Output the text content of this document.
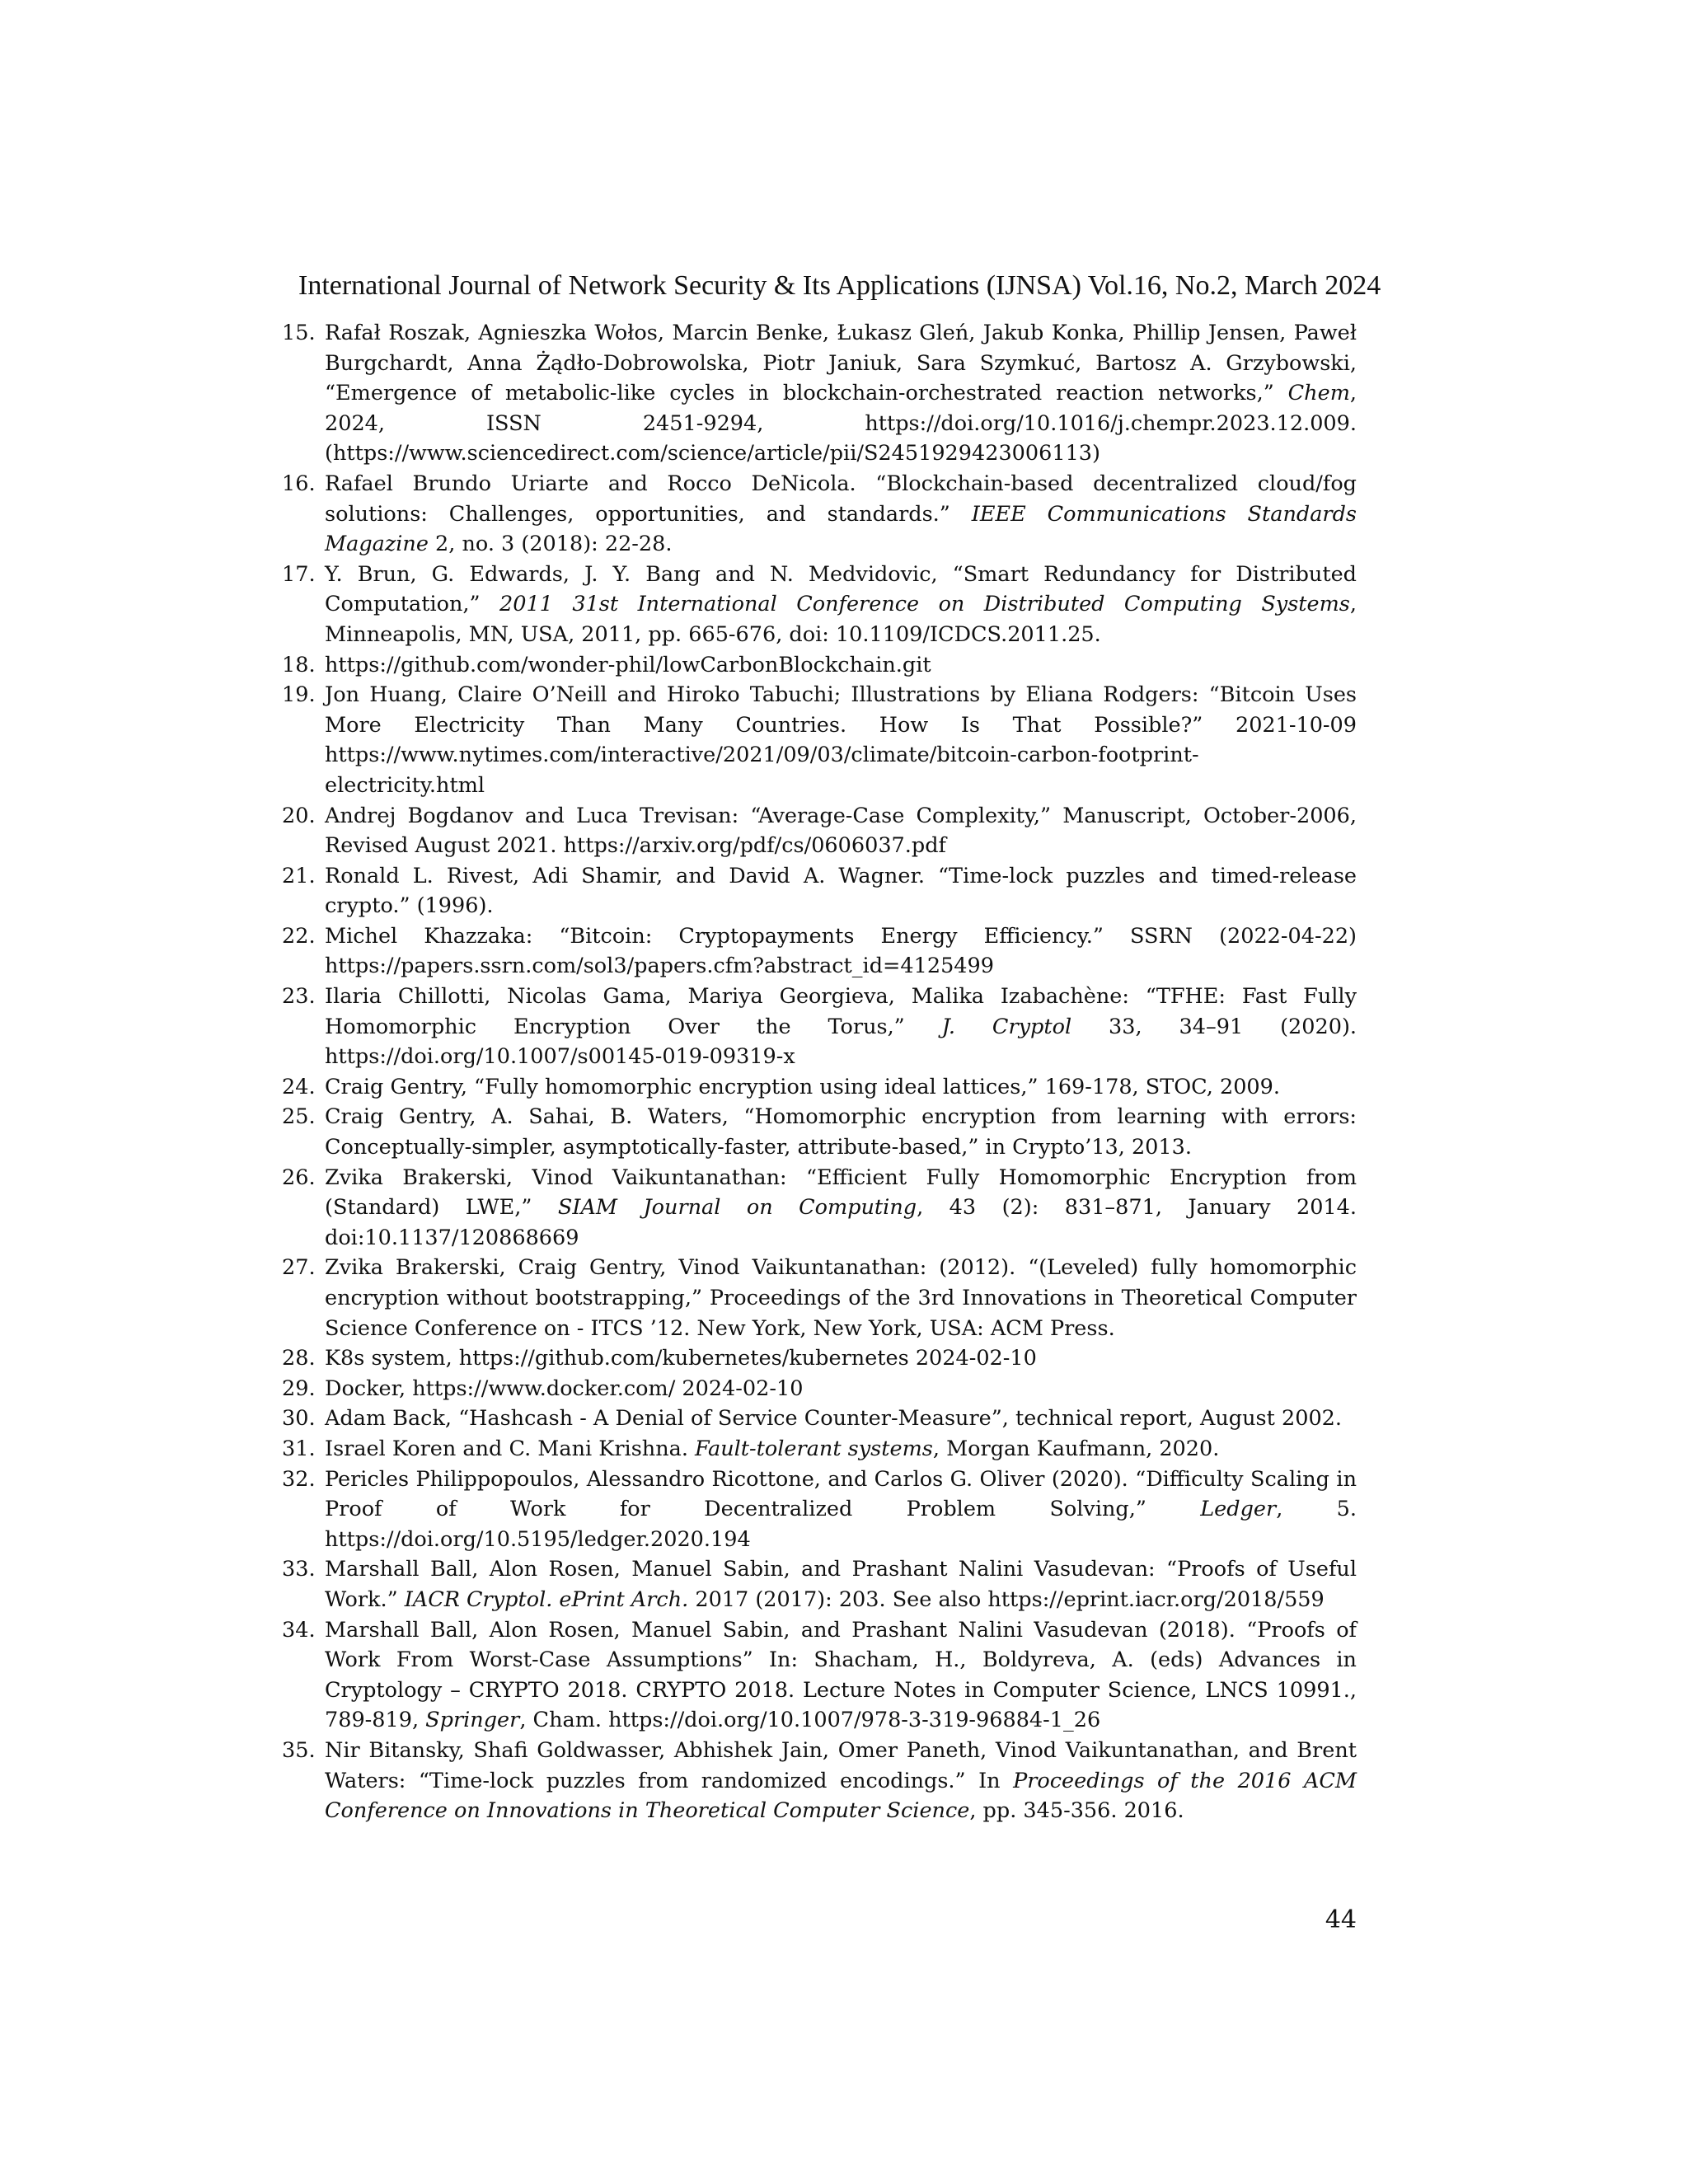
International Journal of Network Security & Its Applications (IJNSA) Vol.16, No.2, March 2024
15. Rafał Roszak, Agnieszka Wołos, Marcin Benke, Łukasz Gleń, Jakub Konka, Phillip Jensen, Paweł Burgchardt, Anna Żądło-Dobrowolska, Piotr Janiuk, Sara Szymkuć, Bartosz A. Grzybowski, “Emergence of metabolic-like cycles in blockchain-orchestrated reaction networks,” Chem, 2024, ISSN 2451-9294, https://doi.org/10.1016/j.chempr.2023.12.009. (https://www.sciencedirect.com/science/article/pii/S2451929423006113)
16. Rafael Brundo Uriarte and Rocco DeNicola. “Blockchain-based decentralized cloud/fog solutions: Challenges, opportunities, and standards.” IEEE Communications Standards Magazine 2, no. 3 (2018): 22-28.
17. Y. Brun, G. Edwards, J. Y. Bang and N. Medvidovic, “Smart Redundancy for Distributed Computation,” 2011 31st International Conference on Distributed Computing Systems, Minneapolis, MN, USA, 2011, pp. 665-676, doi: 10.1109/ICDCS.2011.25.
18. https://github.com/wonder-phil/lowCarbonBlockchain.git
19. Jon Huang, Claire O’Neill and Hiroko Tabuchi; Illustrations by Eliana Rodgers: “Bitcoin Uses More Electricity Than Many Countries. How Is That Possible?” 2021-10-09 https://www.nytimes.com/interactive/2021/09/03/climate/bitcoin-carbon-footprint-electricity.html
20. Andrej Bogdanov and Luca Trevisan: “Average-Case Complexity,” Manuscript, October-2006, Revised August 2021. https://arxiv.org/pdf/cs/0606037.pdf
21. Ronald L. Rivest, Adi Shamir, and David A. Wagner. “Time-lock puzzles and timed-release crypto.” (1996).
22. Michel Khazzaka: “Bitcoin: Cryptopayments Energy Efficiency.” SSRN (2022-04-22) https://papers.ssrn.com/sol3/papers.cfm?abstract_id=4125499
23. Ilaria Chillotti, Nicolas Gama, Mariya Georgieva, Malika Izabachène: “TFHE: Fast Fully Homomorphic Encryption Over the Torus,” J. Cryptol 33, 34–91 (2020). https://doi.org/10.1007/s00145-019-09319-x
24. Craig Gentry, “Fully homomorphic encryption using ideal lattices,” 169-178, STOC, 2009.
25. Craig Gentry, A. Sahai, B. Waters, “Homomorphic encryption from learning with errors: Conceptually-simpler, asymptotically-faster, attribute-based,” in Crypto’13, 2013.
26. Zvika Brakerski, Vinod Vaikuntanathan: “Efficient Fully Homomorphic Encryption from (Standard) LWE,” SIAM Journal on Computing, 43 (2): 831–871, January 2014. doi:10.1137/120868669
27. Zvika Brakerski, Craig Gentry, Vinod Vaikuntanathan: (2012). “(Leveled) fully homomorphic encryption without bootstrapping,” Proceedings of the 3rd Innovations in Theoretical Computer Science Conference on - ITCS ’12. New York, New York, USA: ACM Press.
28. K8s system, https://github.com/kubernetes/kubernetes 2024-02-10
29. Docker, https://www.docker.com/ 2024-02-10
30. Adam Back, “Hashcash - A Denial of Service Counter-Measure”, technical report, August 2002.
31. Israel Koren and C. Mani Krishna. Fault-tolerant systems, Morgan Kaufmann, 2020.
32. Pericles Philippopoulos, Alessandro Ricottone, and Carlos G. Oliver (2020). “Difficulty Scaling in Proof of Work for Decentralized Problem Solving,” Ledger, 5. https://doi.org/10.5195/ledger.2020.194
33. Marshall Ball, Alon Rosen, Manuel Sabin, and Prashant Nalini Vasudevan: “Proofs of Useful Work.” IACR Cryptol. ePrint Arch. 2017 (2017): 203. See also https://eprint.iacr.org/2018/559
34. Marshall Ball, Alon Rosen, Manuel Sabin, and Prashant Nalini Vasudevan (2018). “Proofs of Work From Worst-Case Assumptions” In: Shacham, H., Boldyreva, A. (eds) Advances in Cryptology – CRYPTO 2018. CRYPTO 2018. Lecture Notes in Computer Science, LNCS 10991., 789-819, Springer, Cham. https://doi.org/10.1007/978-3-319-96884-1_26
35. Nir Bitansky, Shafi Goldwasser, Abhishek Jain, Omer Paneth, Vinod Vaikuntanathan, and Brent Waters: “Time-lock puzzles from randomized encodings.” In Proceedings of the 2016 ACM Conference on Innovations in Theoretical Computer Science, pp. 345-356. 2016.
44
